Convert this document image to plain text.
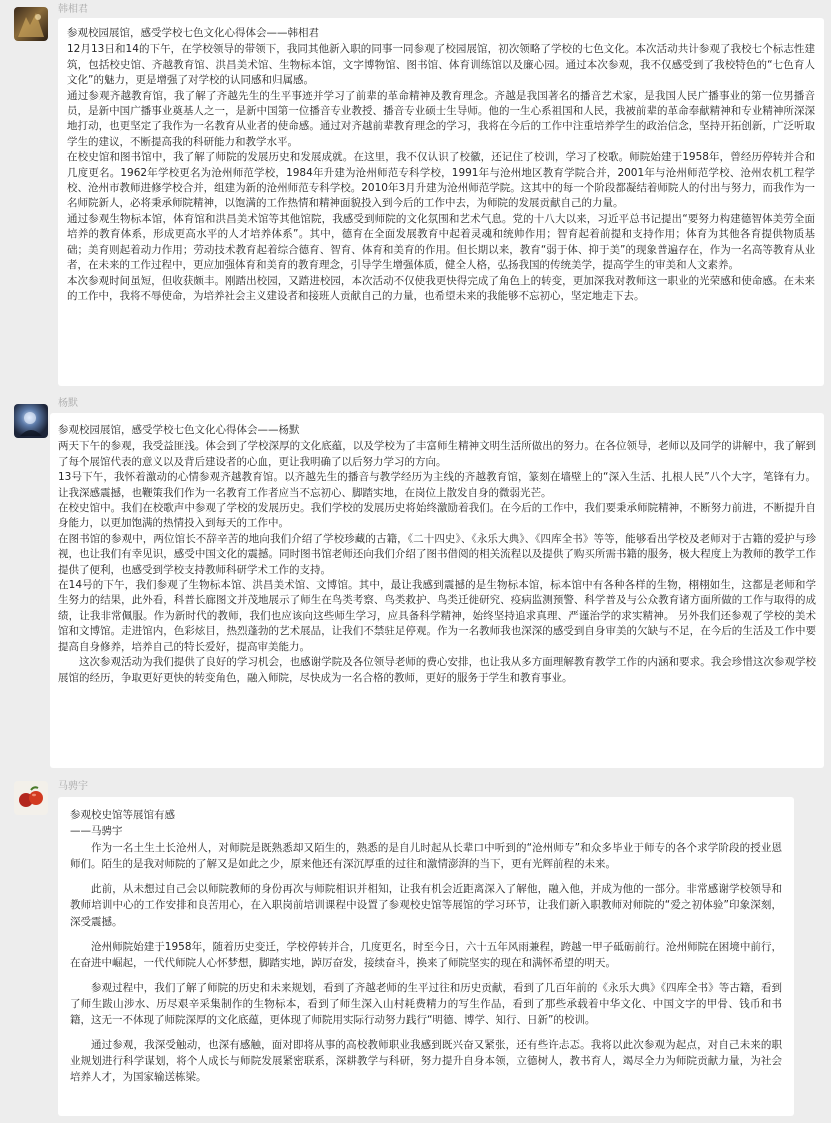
韩相君

参观校园展馆，感受学校七色文化心得体会——韩相君

12月13日和14的下午，在学校领导的带领下，我同其他新入职的同事一同参观了校园展馆，初次领略了学校的七色文化。本次活动共计参观了我校七个标志性建筑，包括校史馆、齐越教育馆、洪昌美术馆、生物标本馆，文字博物馆、图书馆、体育训练馆以及廉心园。通过本次参观，我不仅感受到了我校特色的“七色育人文化”的魅力，更是增强了对学校的认同感和归属感。

通过参观齐越教育馆，我了解了齐越先生的生平事迹并学习了前辈的革命精神及教育理念。齐越是我国著名的播音艺术家，是我国人民广播事业的第一位男播音员，是新中国广播事业奠基人之一，是新中国第一位播音专业教授、播音专业硕士生导师。他的一生心系祖国和人民，我被前辈的革命奉献精神和专业精神所深深地打动，也更坚定了我作为一名教育从业者的使命感。通过对齐越前辈教育理念的学习，我将在今后的工作中注重培养学生的政治信念，坚持开拓创新，广泛听取学生的建议，不断提高我的科研能力和教学水平。

在校史馆和图书馆中，我了解了师院的发展历史和发展成就。在这里，我不仅认识了校徽，还记住了校训，学习了校歌。师院始建于1958年，曾经历停转并合和几度更名。1962年学校更名为沧州师范学校，1984年升建为沧州师范专科学校，1991年与沧州地区教育学院合并，2001年与沧州师范学校、沧州农机工程学校、沧州市教师进修学校合并，组建为新的沧州师范专科学校。2010年3月升建为沧州师范学院。这其中的每一个阶段都凝结着师院人的付出与努力，而我作为一名师院新人，必将秉承师院精神，以饱满的工作热情和精神面貌投入到今后的工作中去，为师院的发展贡献自己的力量。

通过参观生物标本馆，体育馆和洪昌美术馆等其他馆院，我感受到师院的文化氛围和艺术气息。党的十八大以来，习近平总书记提出“要努力构建德智体美劳全面培养的教育体系，形成更高水平的人才培养体系”。其中，德育在全面发展教育中起着灵魂和统帅作用；智育起着前提和支持作用；体育为其他各育提供物质基础；美育则起着动力作用；劳动技术教育起着综合德育、智育、体育和美育的作用。但长期以来，教育“弱于体、抑于美”的现象普遍存在，作为一名高等教育从业者，在未来的工作过程中，更应加强体育和美育的教育理念，引导学生增强体质，健全人格，弘扬我国的传统美学，提高学生的审美和人文素养。

本次参观时间虽短，但收获颇丰。刚踏出校园，又踏进校园，本次活动不仅使我更快得完成了角色上的转变，更加深我对教师这一职业的光荣感和使命感。在未来的工作中，我将不辱使命，为培养社会主义建设者和接班人贡献自己的力量，也希望未来的我能够不忘初心，坚定地走下去。

杨默

参观校园展馆，感受学校七色文化心得体会——杨默

两天下午的参观，我受益匪浅。体会到了学校深厚的文化底蕴，以及学校为了丰富师生精神文明生活所做出的努力。在各位领导，老师以及同学的讲解中，我了解到了每个展馆代表的意义以及背后建设者的心血，更让我明确了以后努力学习的方向。

13号下午，我怀着激动的心情参观齐越教育馆。以齐越先生的播音与教学经历为主线的齐越教育馆，篆刻在墙壁上的“深入生活、扎根人民”八个大字，笔锋有力。让我深感震撼，也鞭策我们作为一名教育工作者应当不忘初心、脚踏实地，在岗位上散发自身的微弱光芒。

在校史馆中。我们在校歌声中参观了学校的发展历史。我们学校的发展历史将始终激励着我们。在今后的工作中，我们要秉承师院精神，不断努力前进，不断提升自身能力，以更加饱满的热情投入到每天的工作中。

在图书馆的参观中，两位馆长不辞辛苦的地向我们介绍了学校珍藏的古籍，《二十四史》、《永乐大典》、《四库全书》等等，能够看出学校及老师对于古籍的爱护与珍视，也让我们有幸见识，感受中国文化的震撼。同时图书馆老师还向我们介绍了图书借阅的相关流程以及提供了购买所需书籍的服务，极大程度上为教师的教学工作提供了便利，也感受到学校支持教师科研学术工作的支持。

在14号的下午，我们参观了生物标本馆、洪昌美术馆、文博馆。其中，最让我感到震撼的是生物标本馆，标本馆中有各种各样的生物，栩栩如生，这都是老师和学生努力的结果，此外看，科普长廊图文并茂地展示了师生在鸟类考察、鸟类救护、鸟类迁徙研究、疫病监测预警、科学普及与公众教育诸方面所做的工作与取得的成绩，让我非常佩服。作为新时代的教师，我们也应该向这些师生学习，应具备科学精神，始终坚持追求真理、严谨治学的求实精神。 另外我们还参观了学校的美术馆和文博馆。走进馆内，色彩炫目，热烈蓬勃的艺术展品，让我们不禁驻足停观。作为一名教师我也深深的感受到自身审美的欠缺与不足，在今后的生活及工作中要提高自身修养，培养自己的特长爱好，提高审美能力。

这次参观活动为我们提供了良好的学习机会，也感谢学院及各位领导老师的费心安排，也让我从多方面理解教育教学工作的内涵和要求。我会珍惜这次参观学校展馆的经历，争取更好更快的转变角色，融入师院，尽快成为一名合格的教师，更好的服务于学生和教育事业。

马骋宇

参观校史馆等展馆有感

——马骋宇

作为一名土生土长沧州人，对师院是既熟悉却又陌生的，熟悉的是自儿时起从长辈口中听到的“沧州师专”和众多毕业于师专的各个求学阶段的授业恩师们。陌生的是我对师院的了解又是如此之少，原来他还有深沉厚重的过往和激情澎湃的当下，更有光辉前程的未来。

此前，从未想过自己会以师院教师的身份再次与师院相识并相知，让我有机会近距离深入了解他，融入他，并成为他的一部分。非常感谢学校领导和教师培训中心的工作安排和良苦用心，在入职岗前培训课程中设置了参观校史馆等展馆的学习环节，让我们新入职教师对师院的“爱之初体验”印象深刻，深受震撼。

沧州师院始建于1958年，随着历史变迁，学校停转并合，几度更名，时至今日，六十五年风雨兼程，跨越一甲子砥砺前行。沧州师院在困境中前行，在奋进中崛起，一代代师院人心怀梦想，脚踏实地，踔厉奋发，接续奋斗，换来了师院坚实的现在和满怀希望的明天。

参观过程中，我们了解了师院的历史和未来规划，看到了齐越老师的生平过往和历史贡献，看到了几百年前的《永乐大典》《四库全书》等古籍，看到了师生跋山涉水、历尽艰辛采集制作的生物标本，看到了师生深入山村耗费精力的写生作品，看到了那些承载着中华文化、中国文字的甲骨、钱币和书籍，这无一不体现了师院深厚的文化底蕴，更体现了师院用实际行动努力践行“明德、博学、知行、日新”的校训。

通过参观，我深受触动，也深有感触，面对即将从事的高校教师职业我感到既兴奋又紧张，还有些许忐忑。我将以此次参观为起点，对自己未来的职业规划进行科学谋划，将个人成长与师院发展紧密联系，深耕教学与科研，努力提升自身本领，立德树人，教书育人，竭尽全力为师院贡献力量，为社会培养人才，为国家输送栋梁。
